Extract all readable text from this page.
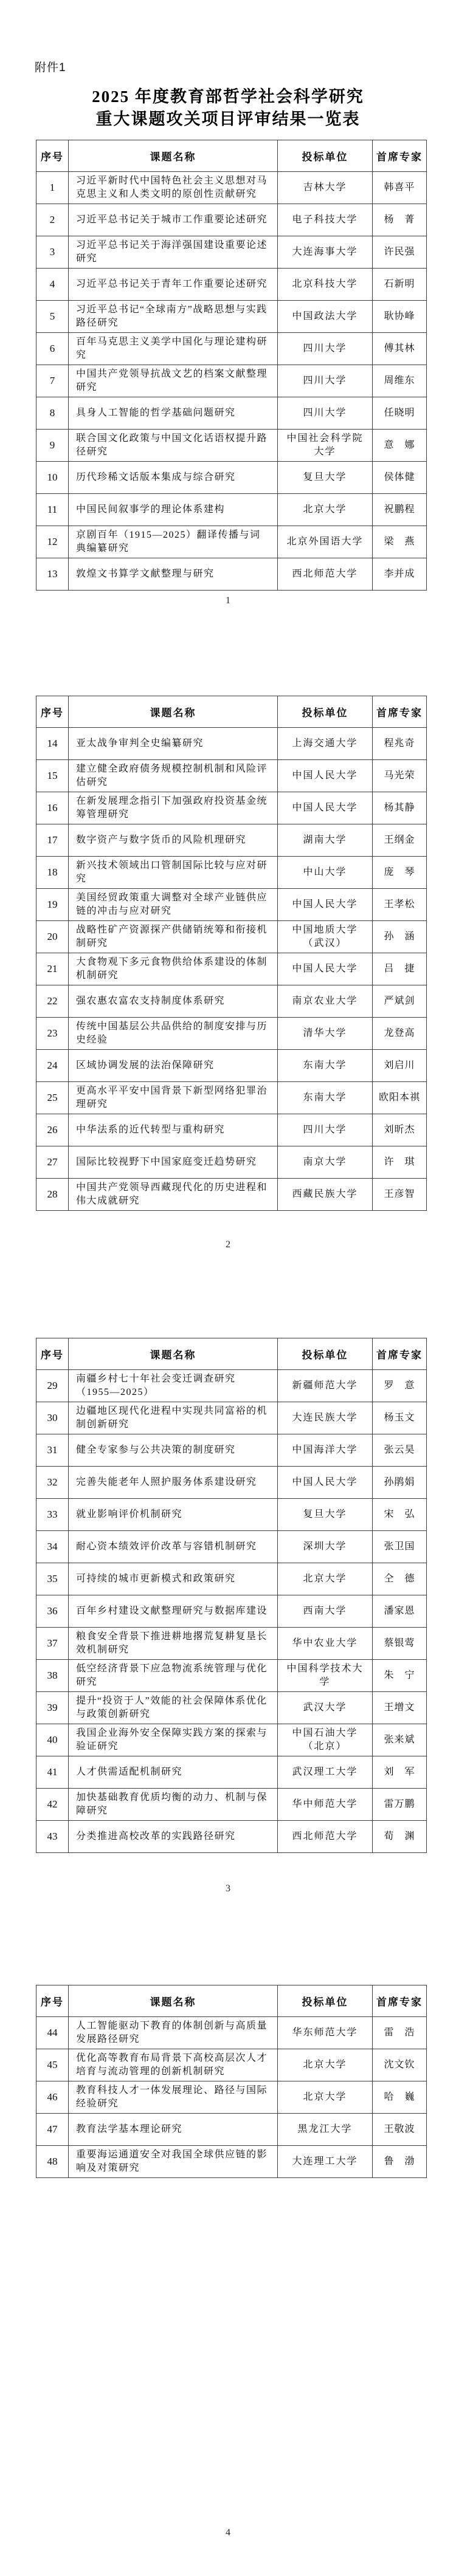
附件1
2025 年度教育部哲学社会科学研究
重大课题攻关项目评审结果一览表
序号	课题名称	投标单位	首席专家
1	习近平新时代中国特色社会主义思想对马克思主义和人类文明的原创性贡献研究	吉林大学	韩喜平
2	习近平总书记关于城市工作重要论述研究	电子科技大学	杨　菁
3	习近平总书记关于海洋强国建设重要论述研究	大连海事大学	许民强
4	习近平总书记关于青年工作重要论述研究	北京科技大学	石新明
5	习近平总书记“全球南方”战略思想与实践路径研究	中国政法大学	耿协峰
6	百年马克思主义美学中国化与理论建构研究	四川大学	傅其林
7	中国共产党领导抗战文艺的档案文献整理研究	四川大学	周维东
8	具身人工智能的哲学基础问题研究	四川大学	任晓明
9	联合国文化政策与中国文化话语权提升路径研究	中国社会科学院大学	意　娜
10	历代珍稀文话版本集成与综合研究	复旦大学	侯体健
11	中国民间叙事学的理论体系建构	北京大学	祝鹏程
12	京剧百年（1915—2025）翻译传播与词典编纂研究	北京外国语大学	梁　燕
13	敦煌文书算学文献整理与研究	西北师范大学	李并成
1
序号	课题名称	投标单位	首席专家
14	亚太战争审判全史编纂研究	上海交通大学	程兆奇
15	建立健全政府债务规模控制机制和风险评估研究	中国人民大学	马光荣
16	在新发展理念指引下加强政府投资基金统筹管理研究	中国人民大学	杨其静
17	数字资产与数字货币的风险机理研究	湖南大学	王纲金
18	新兴技术领域出口管制国际比较与应对研究	中山大学	庞　琴
19	美国经贸政策重大调整对全球产业链供应链的冲击与应对研究	中国人民大学	王孝松
20	战略性矿产资源探产供储销统筹和衔接机制研究	中国地质大学（武汉）	孙　涵
21	大食物观下多元食物供给体系建设的体制机制研究	中国人民大学	吕　捷
22	强农惠农富农支持制度体系研究	南京农业大学	严斌剑
23	传统中国基层公共品供给的制度安排与历史经验	清华大学	龙登高
24	区域协调发展的法治保障研究	东南大学	刘启川
25	更高水平平安中国背景下新型网络犯罪治理研究	东南大学	欧阳本祺
26	中华法系的近代转型与重构研究	四川大学	刘昕杰
27	国际比较视野下中国家庭变迁趋势研究	南京大学	许　琪
28	中国共产党领导西藏现代化的历史进程和伟大成就研究	西藏民族大学	王彦智
2
序号	课题名称	投标单位	首席专家
29	南疆乡村七十年社会变迁调查研究（1955—2025）	新疆师范大学	罗　意
30	边疆地区现代化进程中实现共同富裕的机制创新研究	大连民族大学	杨玉文
31	健全专家参与公共决策的制度研究	中国海洋大学	张云昊
32	完善失能老年人照护服务体系建设研究	中国人民大学	孙鹃娟
33	就业影响评价机制研究	复旦大学	宋　弘
34	耐心资本绩效评价改革与容错机制研究	深圳大学	张卫国
35	可持续的城市更新模式和政策研究	北京大学	仝　德
36	百年乡村建设文献整理研究与数据库建设	西南大学	潘家恩
37	粮食安全背景下推进耕地撂荒复耕复垦长效机制研究	华中农业大学	蔡银莺
38	低空经济背景下应急物流系统管理与优化研究	中国科学技术大学	朱　宁
39	提升“投资于人”效能的社会保障体系优化与政策创新研究	武汉大学	王增文
40	我国企业海外安全保障实践方案的探索与验证研究	中国石油大学（北京）	张来斌
41	人才供需适配机制研究	武汉理工大学	刘　军
42	加快基础教育优质均衡的动力、机制与保障研究	华中师范大学	雷万鹏
43	分类推进高校改革的实践路径研究	西北师范大学	荀　渊
3
序号	课题名称	投标单位	首席专家
44	人工智能驱动下教育的体制创新与高质量发展路径研究	华东师范大学	雷　浩
45	优化高等教育布局背景下高校高层次人才培育与流动管理的创新机制研究	北京大学	沈文钦
46	教育科技人才一体发展理论、路径与国际经验研究	北京大学	哈　巍
47	教育法学基本理论研究	黑龙江大学	王敬波
48	重要海运通道安全对我国全球供应链的影响及对策研究	大连理工大学	鲁　渤
4
